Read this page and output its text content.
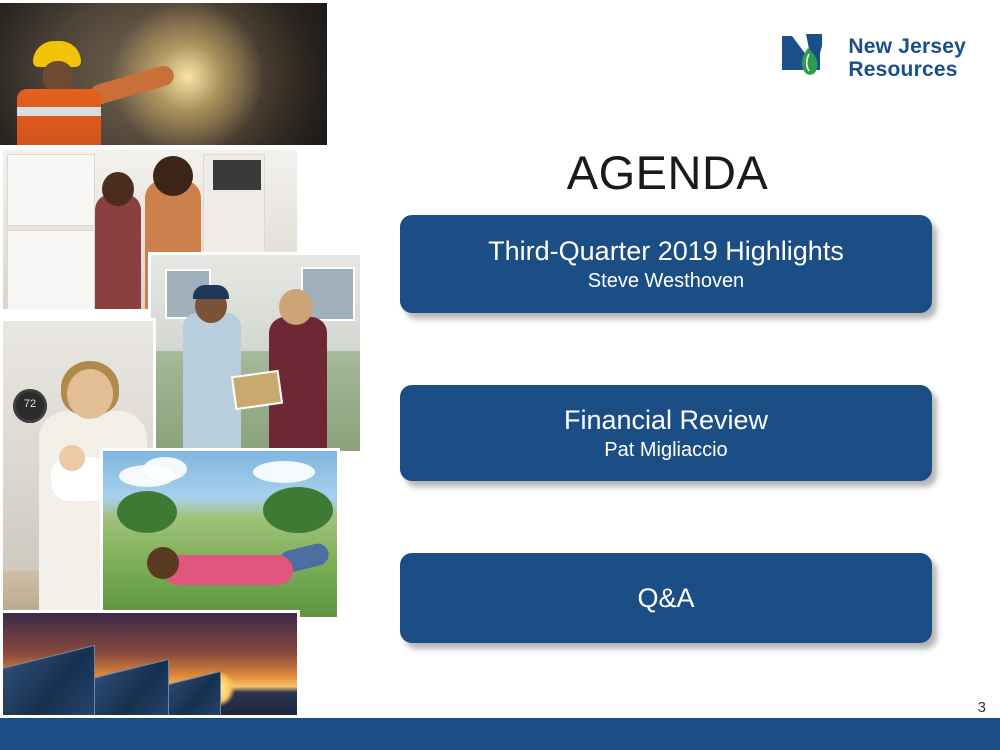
72
New Jersey
Resources
AGENDA
Third-Quarter 2019 Highlights
Steve Westhoven
Financial Review
Pat Migliaccio
Q&A
3
